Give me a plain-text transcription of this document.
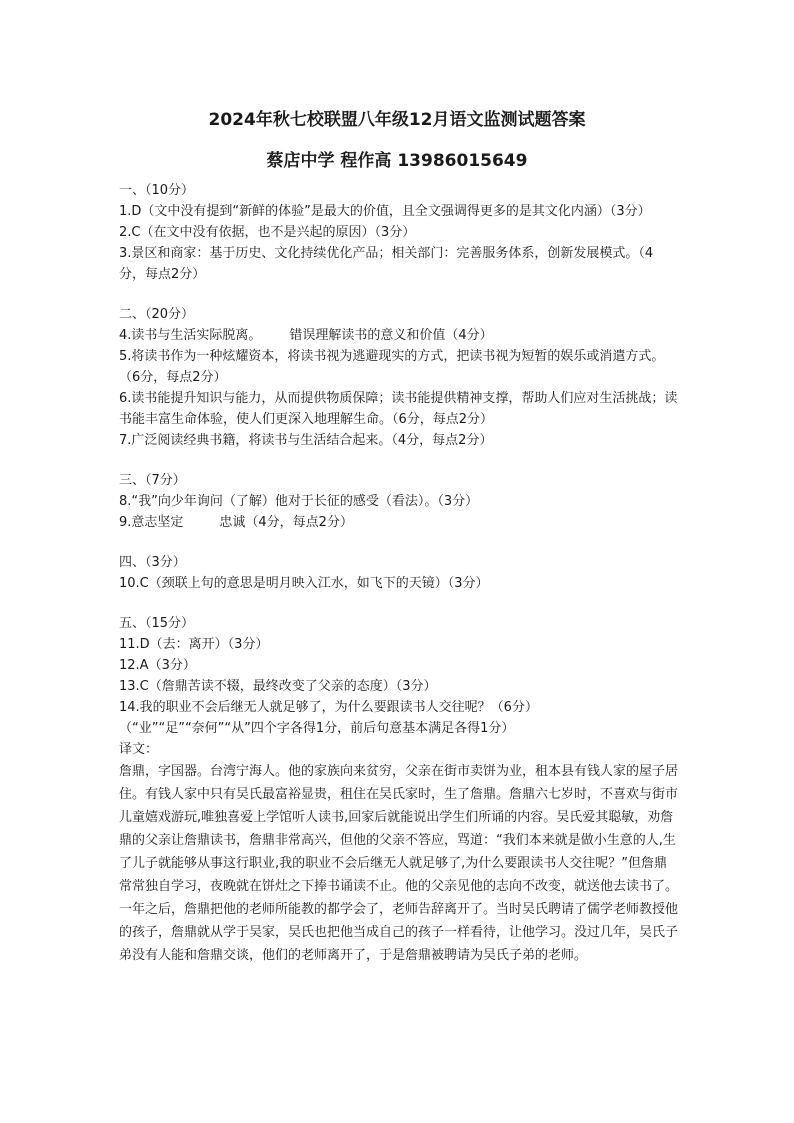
2024年秋七校联盟八年级12月语文监测试题答案
蔡店中学 程作高 13986015649

一、（10分）

1.D（文中没有提到“新鲜的体验”是最大的价值，且全文强调得更多的是其文化内涵）（3分）

2.C（在文中没有依据，也不是兴起的原因）（3分）

3.景区和商家：基于历史、文化持续优化产品；相关部门：完善服务体系，创新发展模式。（4分，每点2分）

二、（20分）

4.读书与生活实际脱离。 错误理解读书的意义和价值（4分）

5.将读书作为一种炫耀资本，将读书视为逃避现实的方式，把读书视为短暂的娱乐或消遣方式。（6分，每点2分）

6.读书能提升知识与能力，从而提供物质保障；读书能提供精神支撑，帮助人们应对生活挑战；读书能丰富生命体验，使人们更深入地理解生命。（6分，每点2分）

7.广泛阅读经典书籍，将读书与生活结合起来。（4分，每点2分）

三、（7分）

8.“我”向少年询问（了解）他对于长征的感受（看法）。（3分）

9.意志坚定	忠诚（4分，每点2分）

四、（3分）

10.C（颈联上句的意思是明月映入江水，如飞下的天镜）（3分）

五、（15分）

11.D（去：离开）（3分）

12.A（3分）

13.C（詹鼎苦读不辍，最终改变了父亲的态度）（3分）

14.我的职业不会后继无人就足够了，为什么要跟读书人交往呢？（6分）

（“业”“足”“奈何”“从”四个字各得1分，前后句意基本满足各得1分）

译文：

詹鼎，字国器。台湾宁海人。他的家族向来贫穷，父亲在街市卖饼为业，租本县有钱人家的屋子居住。有钱人家中只有吴氏最富裕显贵，租住在吴氏家时，生了詹鼎。詹鼎六七岁时，不喜欢与街市儿童嬉戏游玩,唯独喜爱上学馆听人读书,回家后就能说出学生们所诵的内容。吴氏爱其聪敏，劝詹鼎的父亲让詹鼎读书，詹鼎非常高兴，但他的父亲不答应，骂道：“我们本来就是做小生意的人,生了儿子就能够从事这行职业,我的职业不会后继无人就足够了,为什么要跟读书人交往呢？”但詹鼎常常独自学习，夜晚就在饼灶之下捧书诵读不止。他的父亲见他的志向不改变，就送他去读书了。一年之后，詹鼎把他的老师所能教的都学会了，老师告辞离开了。当时吴氏聘请了儒学老师教授他的孩子，詹鼎就从学于吴家，吴氏也把他当成自己的孩子一样看待，让他学习。没过几年，吴氏子弟没有人能和詹鼎交谈，他们的老师离开了，于是詹鼎被聘请为吴氏子弟的老师。
